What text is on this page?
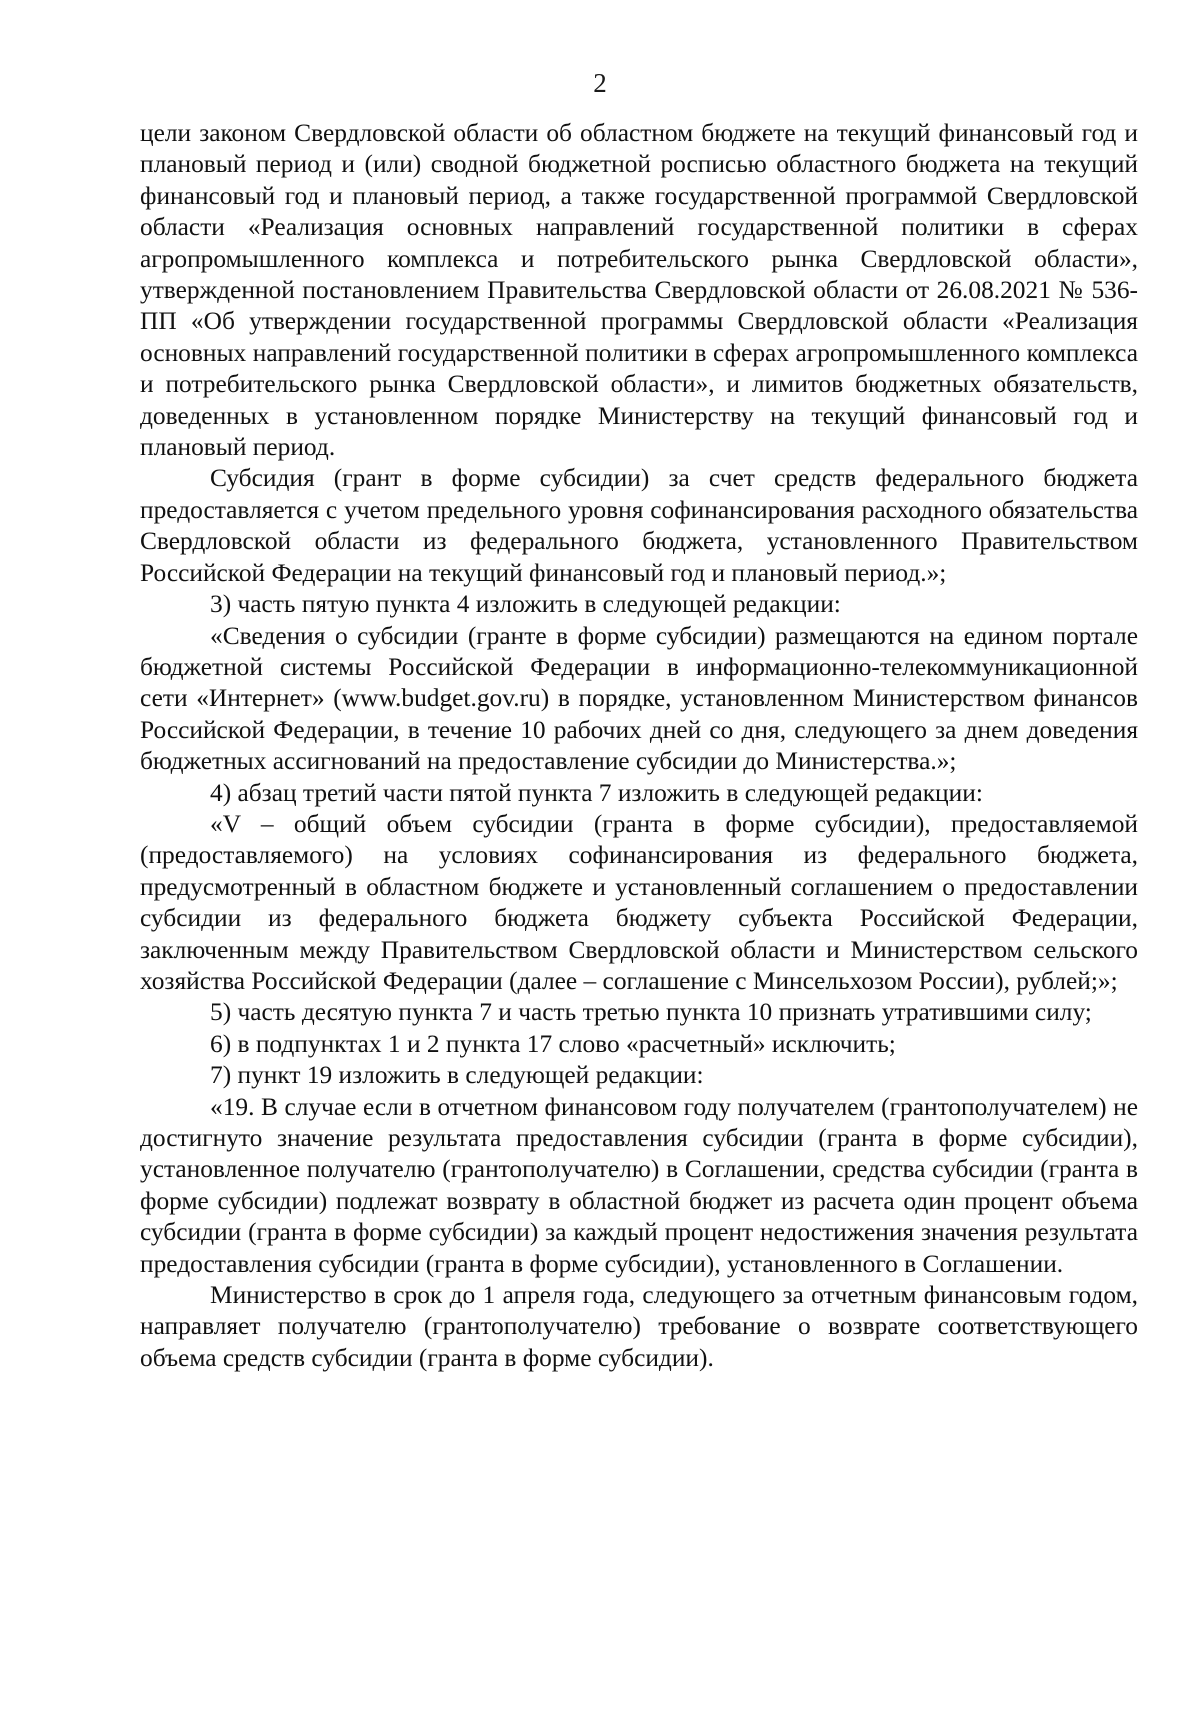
2

цели законом Свердловской области об областном бюджете на текущий финансовый год и плановый период и (или) сводной бюджетной росписью областного бюджета на текущий финансовый год и плановый период, а также государственной программой Свердловской области «Реализация основных направлений государственной политики в сферах агропромышленного комплекса и потребительского рынка Свердловской области», утвержденной постановлением Правительства Свердловской области от 26.08.2021 № 536-ПП «Об утверждении государственной программы Свердловской области «Реализация основных направлений государственной политики в сферах агропромышленного комплекса и потребительского рынка Свердловской области», и лимитов бюджетных обязательств, доведенных в установленном порядке Министерству на текущий финансовый год и плановый период.

Субсидия (грант в форме субсидии) за счет средств федерального бюджета предоставляется с учетом предельного уровня софинансирования расходного обязательства Свердловской области из федерального бюджета, установленного Правительством Российской Федерации на текущий финансовый год и плановый период.»;

3) часть пятую пункта 4 изложить в следующей редакции:

«Сведения о субсидии (гранте в форме субсидии) размещаются на едином портале бюджетной системы Российской Федерации в информационно-телекоммуникационной сети «Интернет» (www.budget.gov.ru) в порядке, установленном Министерством финансов Российской Федерации, в течение 10 рабочих дней со дня, следующего за днем доведения бюджетных ассигнований на предоставление субсидии до Министерства.»;

4) абзац третий части пятой пункта 7 изложить в следующей редакции:

«V – общий объем субсидии (гранта в форме субсидии), предоставляемой (предоставляемого) на условиях софинансирования из федерального бюджета, предусмотренный в областном бюджете и установленный соглашением о предоставлении субсидии из федерального бюджета бюджету субъекта Российской Федерации, заключенным между Правительством Свердловской области и Министерством сельского хозяйства Российской Федерации (далее – соглашение с Минсельхозом России), рублей;»;

5) часть десятую пункта 7 и часть третью пункта 10 признать утратившими силу;

6) в подпунктах 1 и 2 пункта 17 слово «расчетный» исключить;

7) пункт 19 изложить в следующей редакции:

«19. В случае если в отчетном финансовом году получателем (грантополучателем) не достигнуто значение результата предоставления субсидии (гранта в форме субсидии), установленное получателю (грантополучателю) в Соглашении, средства субсидии (гранта в форме субсидии) подлежат возврату в областной бюджет из расчета один процент объема субсидии (гранта в форме субсидии) за каждый процент недостижения значения результата предоставления субсидии (гранта в форме субсидии), установленного в Соглашении.

Министерство в срок до 1 апреля года, следующего за отчетным финансовым годом, направляет получателю (грантополучателю) требование о возврате соответствующего объема средств субсидии (гранта в форме субсидии).
